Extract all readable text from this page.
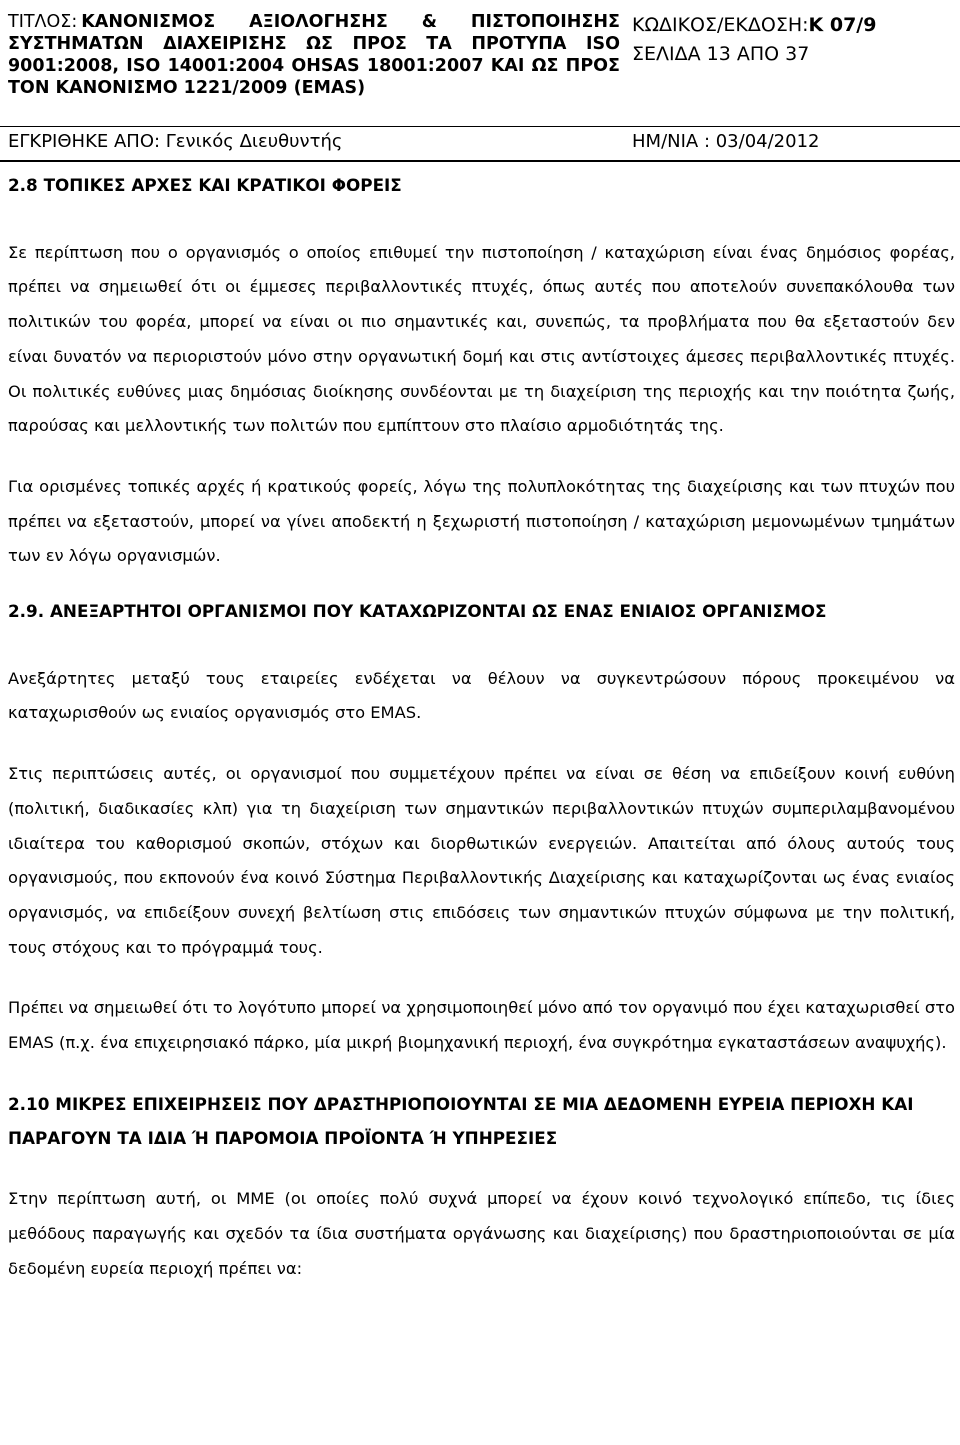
ΤΙΤΛΟΣ: ΚΑΝΟΝΙΣΜΟΣ ΑΞΙΟΛΟΓΗΣΗΣ & ΠΙΣΤΟΠΟΙΗΣΗΣ ΣΥΣΤΗΜΑΤΩΝ ΔΙΑΧΕΙΡΙΣΗΣ ΩΣ ΠΡΟΣ ΤΑ ΠΡΟΤΥΠΑ ISO 9001:2008, ISO 14001:2004 OHSAS 18001:2007 ΚΑΙ ΩΣ ΠΡΟΣ ΤΟΝ ΚΑΝΟΝΙΣΜΟ 1221/2009 (EMAS)
ΚΩΔΙΚΟΣ/ΕΚΔΟΣΗ:Κ 07/9
ΣΕΛΙΔΑ 13 ΑΠΟ 37
ΕΓΚΡΙΘΗΚΕ ΑΠΟ: Γενικός Διευθυντής	ΗΜ/ΝΙΑ : 03/04/2012
2.8 ΤΟΠΙΚΕΣ ΑΡΧΕΣ ΚΑΙ ΚΡΑΤΙΚΟΙ ΦΟΡΕΙΣ

Σε περίπτωση που ο οργανισμός ο οποίος επιθυμεί την πιστοποίηση / καταχώριση είναι ένας δημόσιος φορέας, πρέπει να σημειωθεί ότι οι έμμεσες περιβαλλοντικές πτυχές, όπως αυτές που αποτελούν συνεπακόλουθα των πολιτικών του φορέα, μπορεί να είναι οι πιο σημαντικές και, συνεπώς, τα προβλήματα που θα εξεταστούν δεν είναι δυνατόν να περιοριστούν μόνο στην οργανωτική δομή και στις αντίστοιχες άμεσες περιβαλλοντικές πτυχές. Οι πολιτικές ευθύνες μιας δημόσιας διοίκησης συνδέονται με τη διαχείριση της περιοχής και την ποιότητα ζωής, παρούσας και μελλοντικής των πολιτών που εμπίπτουν στο πλαίσιο αρμοδιότητάς της.

Για ορισμένες τοπικές αρχές ή κρατικούς φορείς, λόγω της πολυπλοκότητας της διαχείρισης και των πτυχών που πρέπει να εξεταστούν, μπορεί να γίνει αποδεκτή η ξεχωριστή πιστοποίηση / καταχώριση μεμονωμένων τμημάτων των εν λόγω οργανισμών.

2.9. ΑΝΕΞΑΡΤΗΤΟΙ ΟΡΓΑΝΙΣΜΟΙ ΠΟΥ ΚΑΤΑΧΩΡΙΖΟΝΤΑΙ ΩΣ ΕΝΑΣ ΕΝΙΑΙΟΣ ΟΡΓΑΝΙΣΜΟΣ

Ανεξάρτητες μεταξύ τους εταιρείες ενδέχεται να θέλουν να συγκεντρώσουν πόρους προκειμένου να καταχωρισθούν ως ενιαίος οργανισμός στο EMAS.

Στις περιπτώσεις αυτές, οι οργανισμοί που συμμετέχουν πρέπει να είναι σε θέση να επιδείξουν κοινή ευθύνη (πολιτική, διαδικασίες κλπ) για τη διαχείριση των σημαντικών περιβαλλοντικών πτυχών συμπεριλαμβανομένου ιδιαίτερα του καθορισμού σκοπών, στόχων και διορθωτικών ενεργειών. Απαιτείται από όλους αυτούς τους οργανισμούς, που εκπονούν ένα κοινό Σύστημα Περιβαλλοντικής Διαχείρισης και καταχωρίζονται ως ένας ενιαίος οργανισμός, να επιδείξουν συνεχή βελτίωση στις επιδόσεις των σημαντικών πτυχών σύμφωνα με την πολιτική, τους στόχους και το πρόγραμμά τους.

Πρέπει να σημειωθεί ότι το λογότυπο μπορεί να χρησιμοποιηθεί μόνο από τον οργανιμό που έχει καταχωρισθεί στο EMAS (π.χ. ένα επιχειρησιακό πάρκο, μία μικρή βιομηχανική περιοχή, ένα συγκρότημα εγκαταστάσεων αναψυχής).

2.10 ΜΙΚΡΕΣ ΕΠΙΧΕΙΡΗΣΕΙΣ ΠΟΥ ΔΡΑΣΤΗΡΙΟΠΟΙΟΥΝΤΑΙ ΣΕ ΜΙΑ ΔΕΔΟΜΕΝΗ ΕΥΡΕΙΑ ΠΕΡΙΟΧΗ ΚΑΙ ΠΑΡΑΓΟΥΝ ΤΑ ΙΔΙΑ Ή ΠΑΡΟΜΟΙΑ ΠΡΟΪΟΝΤΑ Ή ΥΠΗΡΕΣΙΕΣ

Στην περίπτωση αυτή, οι ΜΜΕ (οι οποίες πολύ συχνά μπορεί να έχουν κοινό τεχνολογικό επίπεδο, τις ίδιες μεθόδους παραγωγής και σχεδόν τα ίδια συστήματα οργάνωσης και διαχείρισης) που δραστηριοποιούνται σε μία δεδομένη ευρεία περιοχή πρέπει να:
